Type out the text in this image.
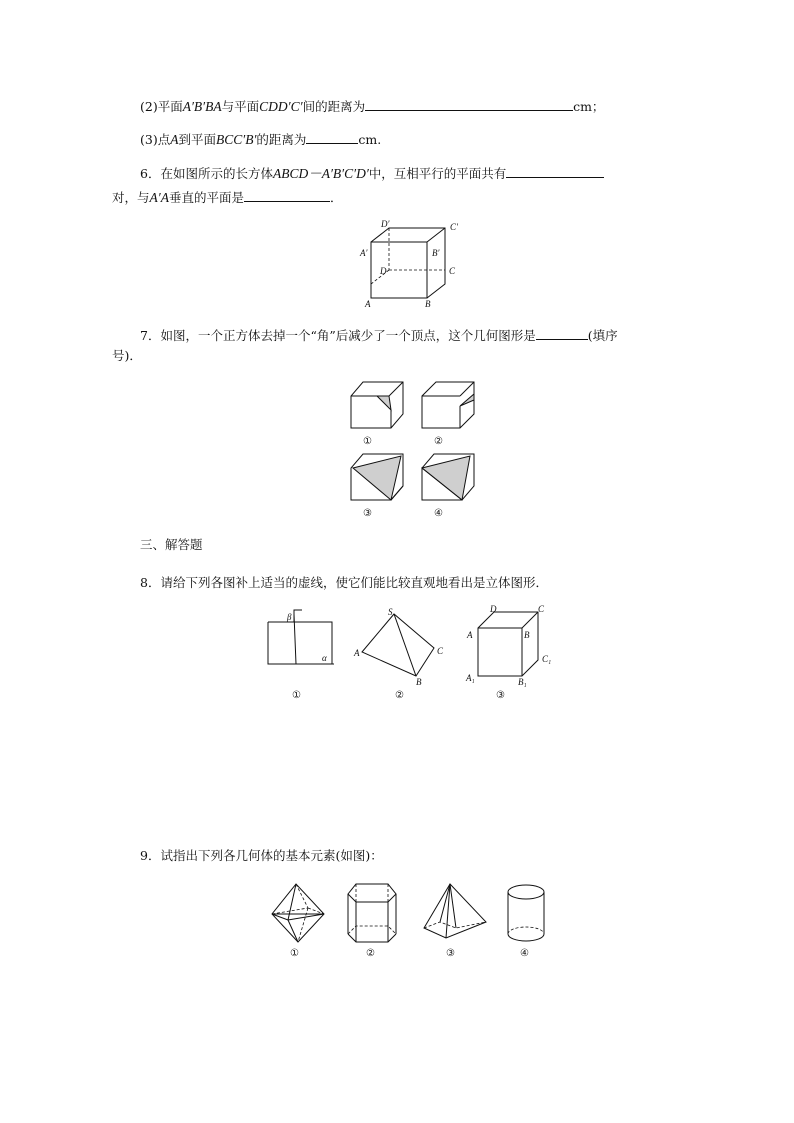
(2)平面A′B′BA与平面CDD′C′间的距离为	cm；
(3)点A到平面BCC′B′的距离为	cm.
6．在如图所示的长方体ABCD－A′B′C′D′中，互相平行的平面共有
对，与A′A垂直的平面是	．
D′	C′
A′	B′
D	C
A	B
7．如图，一个正方体去掉一个“角”后减少了一个顶点，这个几何图形是	(填序
号)．
①	②
③	④
三、解答题
8．请给下列各图补上适当的虚线，使它们能比较直观地看出是立体图形．
β
α
①
S
A	C
B
②
D	C
A	B
C₁
A₁	B₁
③
9．试指出下列各几何体的基本元素(如图)：
①	②	③	④
